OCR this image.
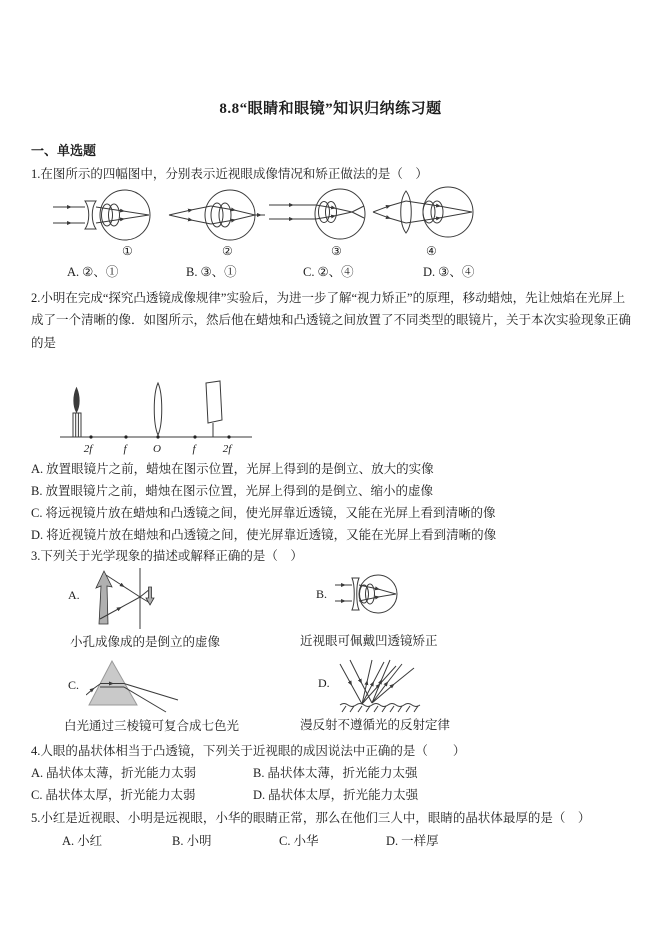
8.8“眼睛和眼镜”知识归纳练习题
一、单选题
1.在图所示的四幅图中，分别表示近视眼成像情况和矫正做法的是（　）
①	②	③	④
A. ②、①	B. ③、①	C. ②、④	D. ③、④
2.小明在完成“探究凸透镜成像规律”实验后，为进一步了解“视力矫正”的原理，移动蜡烛，先让烛焰在光屏上成了一个清晰的像．如图所示，然后他在蜡烛和凸透镜之间放置了不同类型的眼镜片，关于本次实验现象正确的是
2f	f O	f 2f
A. 放置眼镜片之前，蜡烛在图示位置，光屏上得到的是倒立、放大的实像
B. 放置眼镜片之前，蜡烛在图示位置，光屏上得到的是倒立、缩小的虚像
C. 将远视镜片放在蜡烛和凸透镜之间，使光屏靠近透镜，又能在光屏上看到清晰的像
D. 将近视镜片放在蜡烛和凸透镜之间，使光屏靠近透镜，又能在光屏上看到清晰的像
3.下列关于光学现象的描述或解释正确的是（　）
A.	B.
小孔成像成的是倒立的虚像	近视眼可佩戴凹透镜矫正
C.	D.
白光通过三棱镜可复合成七色光	漫反射不遵循光的反射定律
4.人眼的晶状体相当于凸透镜，下列关于近视眼的成因说法中正确的是（　　）
A. 晶状体太薄，折光能力太弱	B. 晶状体太薄，折光能力太强
C. 晶状体太厚，折光能力太弱	D. 晶状体太厚，折光能力太强
5.小红是近视眼、小明是远视眼，小华的眼睛正常，那么在他们三人中，眼睛的晶状体最厚的是（　）
A. 小红	B. 小明	C. 小华	D. 一样厚
